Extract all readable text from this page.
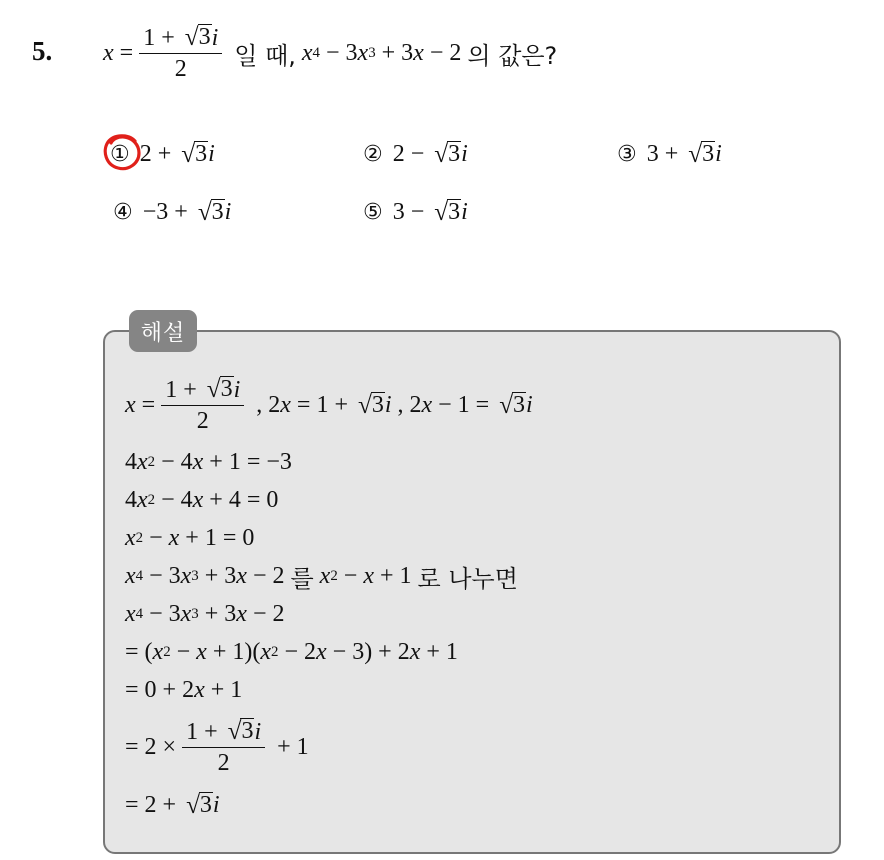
5. $x = \frac{1 + √ 3 i}{2}$
일 때,
x 4 − 3 x 3 + 3 x − 2 의 값은?
① 2
+
√ 3 i	② 2
−
√ 3 i	③ 3
+
√ 3 i
④ − 3
+
√ 3 i	⑤ 3
−
√ 3 i
해설
$x = \frac{1 + √ 3 i}{2}$ , 2 x = 1 + √ 3 i , 2 x − 1 = √ 3 i
4 x 2 − 4 x + 1 = −3
4 x 2 − 4 x + 4 = 0
x 2 − x + 1 = 0
x 4 − 3 x 3 + 3 x − 2 를
x 2 − x + 1 로 나누면
x 4 − 3 x 3 + 3 x − 2
= ( x 2 − x + 1)( x 2 − 2 x − 3) + 2 x + 1
= 0 + 2 x + 1
= $2 \times \frac{1 + √ 3 i}{2} + 1$
= 2 + √ 3 i
